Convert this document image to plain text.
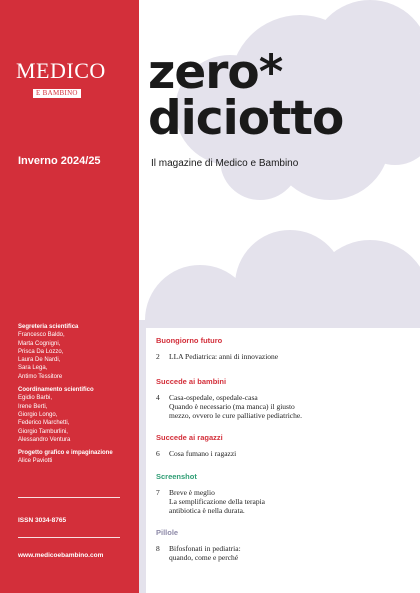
MEDICO
E BAMBINO
Inverno 2024/25
Segreteria scientifica
Francesco Baldo,
Marta Cognigni,
Prisca Da Lozzo,
Laura De Nardi,
Sara Lega,
Antimo Tessitore
Coordinamento scientifico
Egidio Barbi,
Irene Berti,
Giorgio Longo,
Federico Marchetti,
Giorgio Tamburlini,
Alessandro Ventura
Progetto grafico e impaginazione
Alice Paviotti
ISSN 3034-8765
www.medicoebambino.com
zero*
diciotto
Il magazine di Medico e Bambino
Buongiorno futuro
2 LLA Pediatrica: anni di innovazione
Succede ai bambini
4 Casa-ospedale, ospedale-casa
Quando è necessario (ma manca) il giusto
mezzo, ovvero le cure palliative pediatriche.
Succede ai ragazzi
6 Cosa fumano i ragazzi
Screenshot
7 Breve è meglio
La semplificazione della terapia
antibiotica è nella durata.
Pillole
8 Bifosfonati in pediatria:
quando, come e perché
